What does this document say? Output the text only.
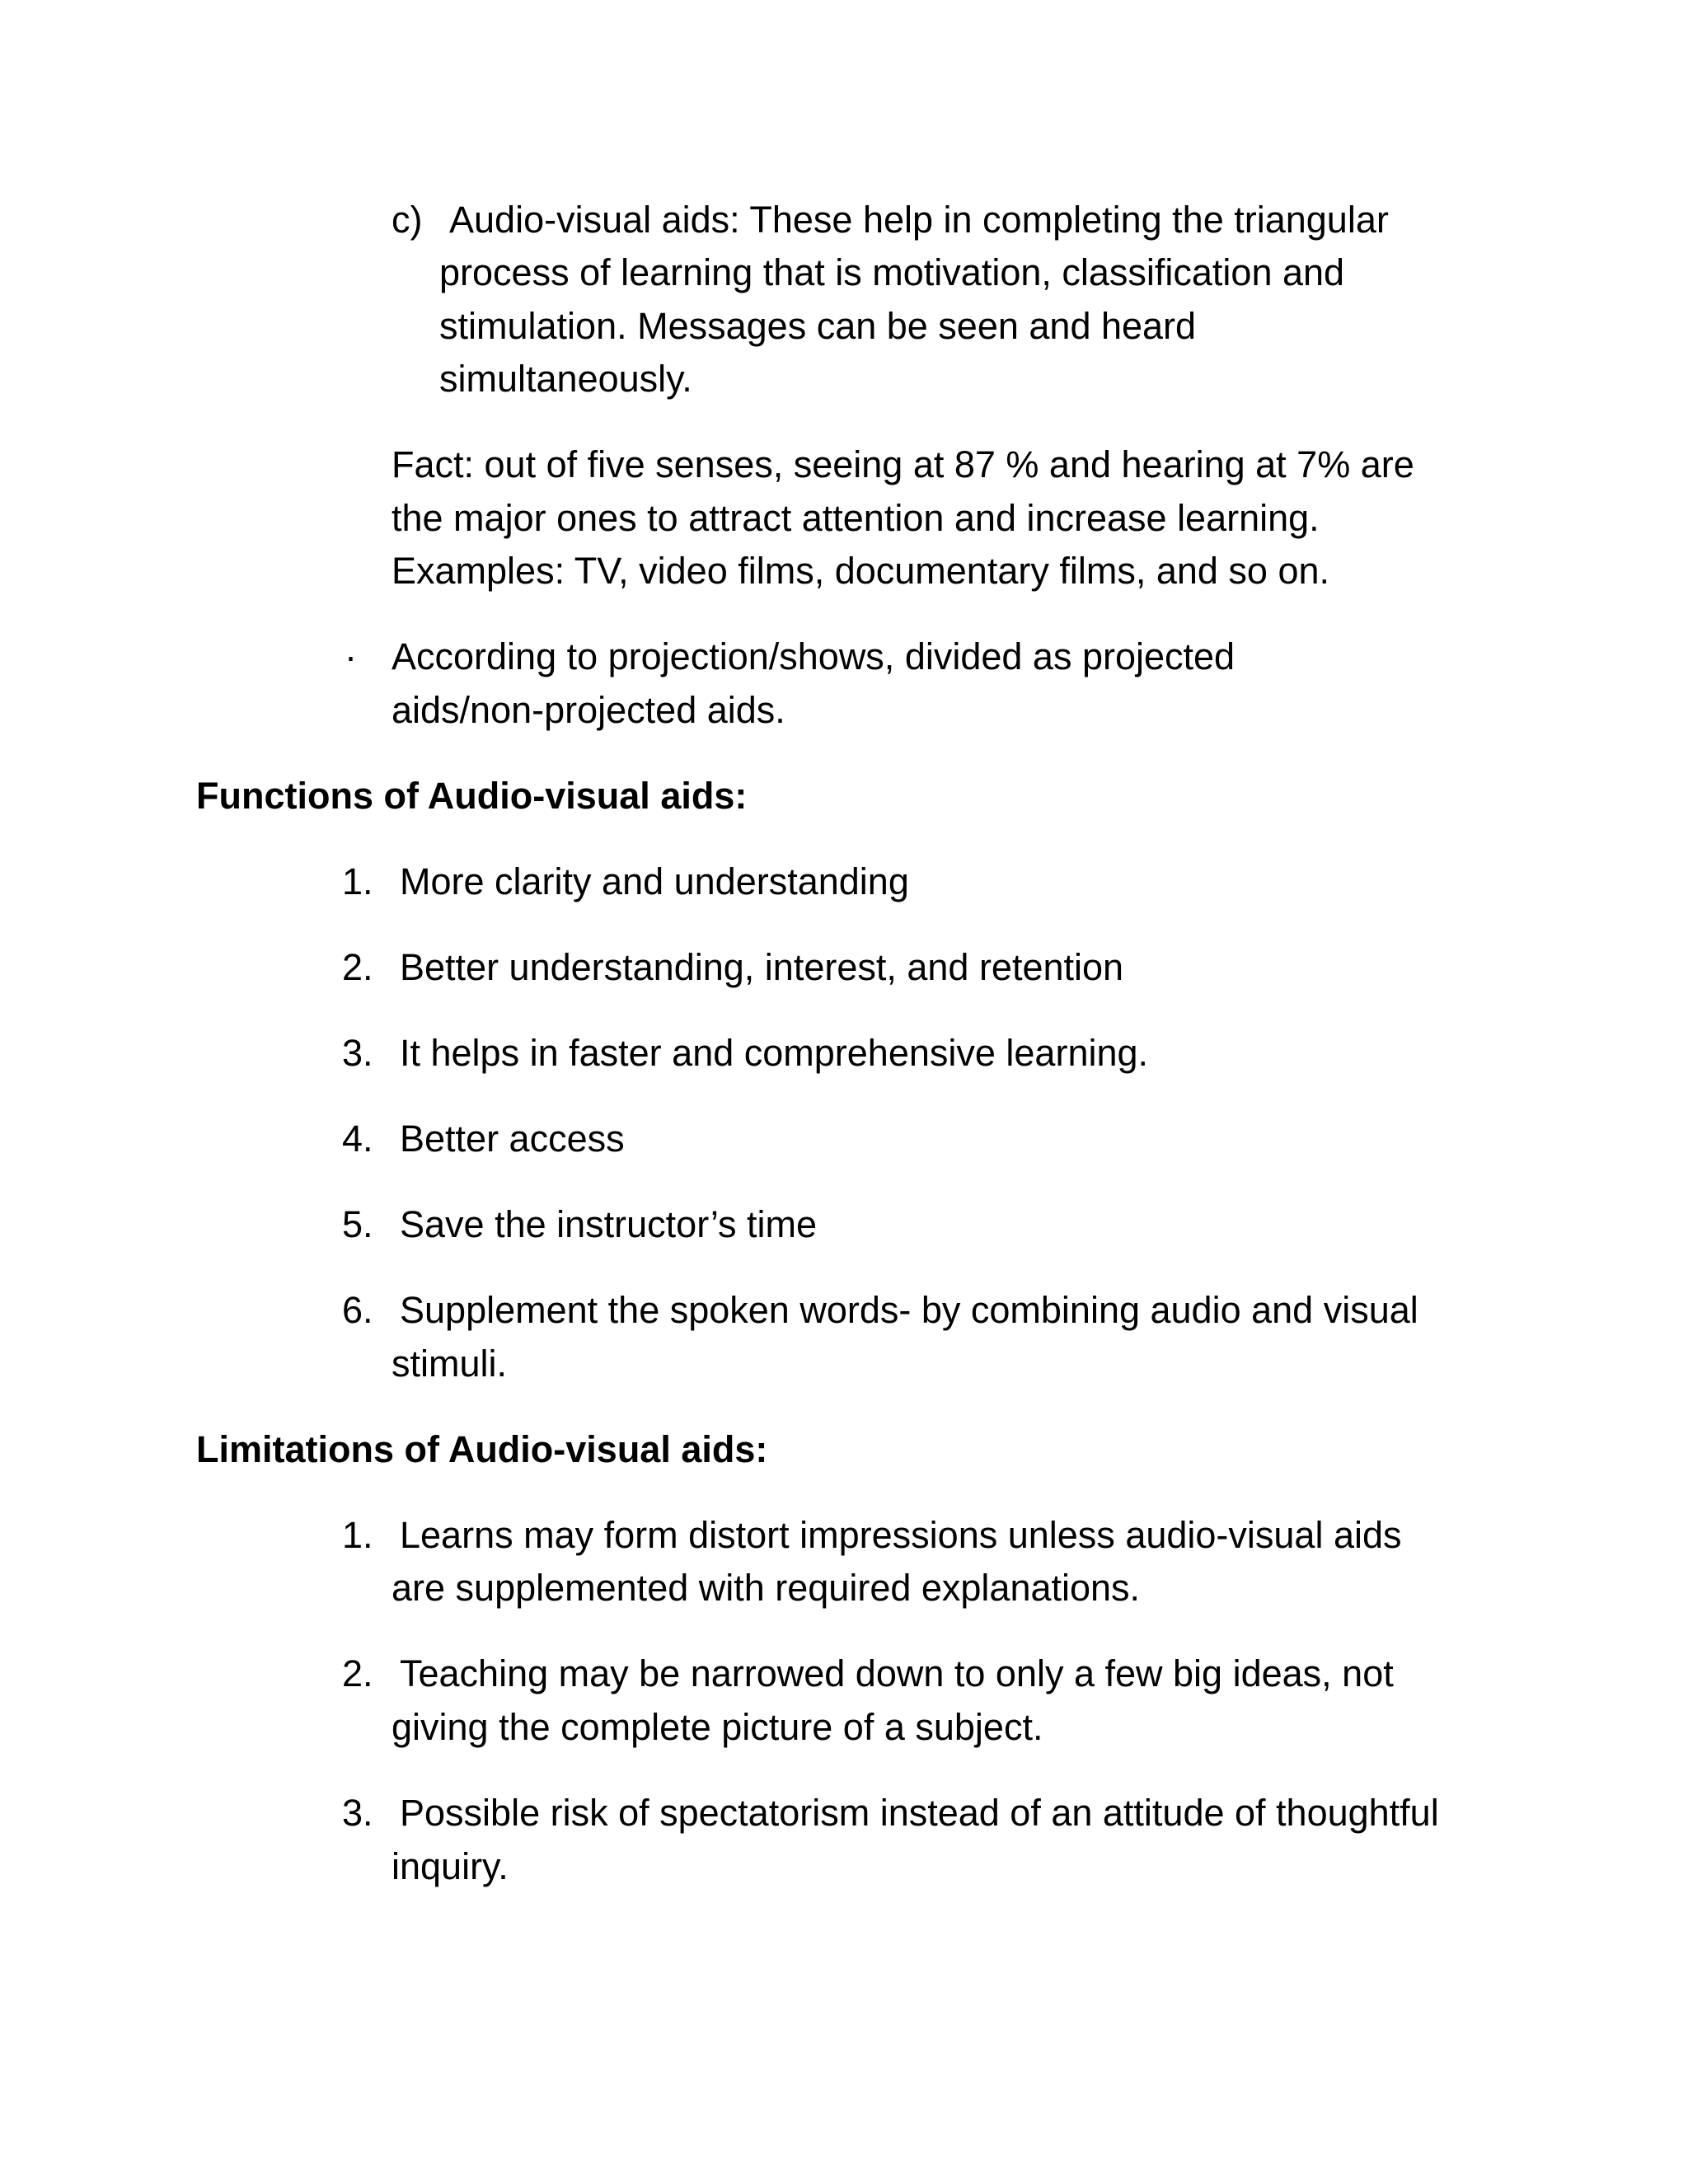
c) Audio-visual aids: These help in completing the triangular
process of learning that is motivation, classification and
stimulation. Messages can be seen and heard
simultaneously.
Fact: out of five senses, seeing at 87 % and hearing at 7% are
the major ones to attract attention and increase learning.
Examples: TV, video films, documentary films, and so on.
· According to projection/shows, divided as projected
aids/non-projected aids.
Functions of Audio-visual aids:
1. More clarity and understanding
2. Better understanding, interest, and retention
3. It helps in faster and comprehensive learning.
4. Better access
5. Save the instructor’s time
6. Supplement the spoken words- by combining audio and visual
stimuli.
Limitations of Audio-visual aids:
1. Learns may form distort impressions unless audio-visual aids
are supplemented with required explanations.
2. Teaching may be narrowed down to only a few big ideas, not
giving the complete picture of a subject.
3. Possible risk of spectatorism instead of an attitude of thoughtful
inquiry.
